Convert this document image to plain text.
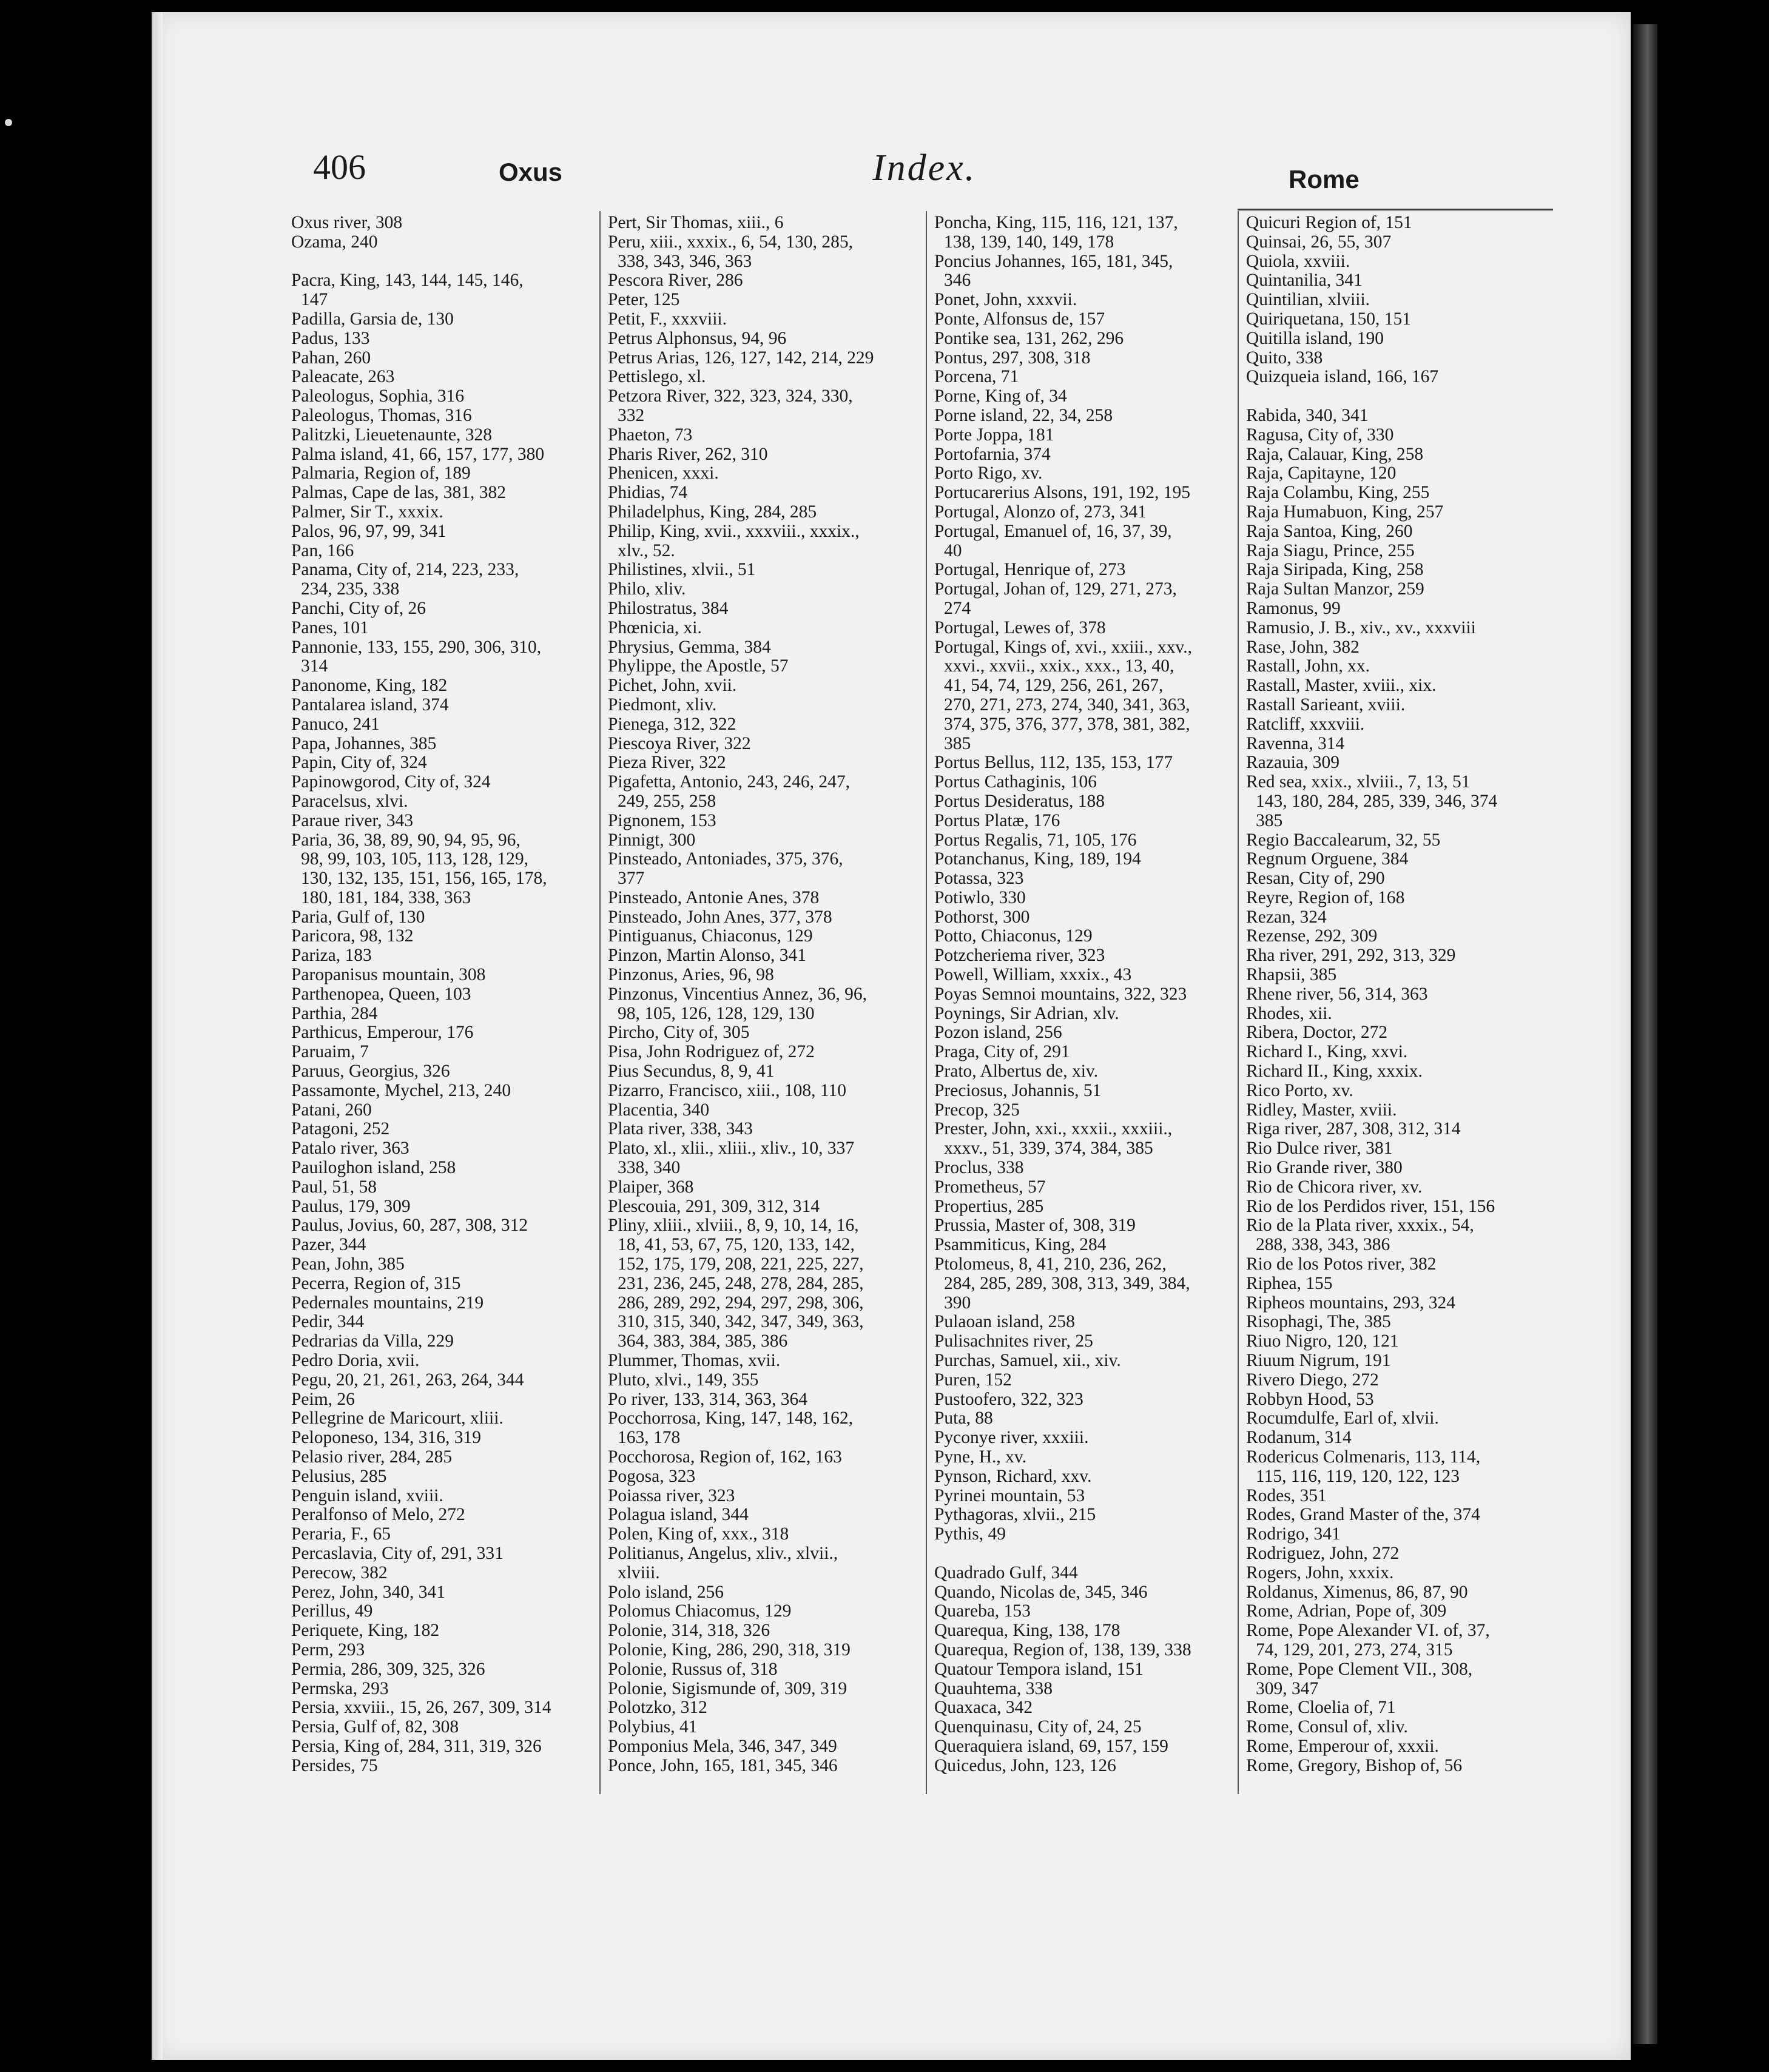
406	Oxus	Index.	Rome
Oxus river, 308
Ozama, 240
Pacra, King, 143, 144, 145, 146,
147
Padilla, Garsia de, 130
Padus, 133
Pahan, 260
Paleacate, 263
Paleologus, Sophia, 316
Paleologus, Thomas, 316
Palitzki, Lieuetenaunte, 328
Palma island, 41, 66, 157, 177, 380
Palmaria, Region of, 189
Palmas, Cape de las, 381, 382
Palmer, Sir T., xxxix.
Palos, 96, 97, 99, 341
Pan, 166
Panama, City of, 214, 223, 233,
234, 235, 338
Panchi, City of, 26
Panes, 101
Pannonie, 133, 155, 290, 306, 310,
314
Panonome, King, 182
Pantalarea island, 374
Panuco, 241
Papa, Johannes, 385
Papin, City of, 324
Papinowgorod, City of, 324
Paracelsus, xlvi.
Paraue river, 343
Paria, 36, 38, 89, 90, 94, 95, 96,
98, 99, 103, 105, 113, 128, 129,
130, 132, 135, 151, 156, 165, 178,
180, 181, 184, 338, 363
Paria, Gulf of, 130
Paricora, 98, 132
Pariza, 183
Paropanisus mountain, 308
Parthenopea, Queen, 103
Parthia, 284
Parthicus, Emperour, 176
Paruaim, 7
Paruus, Georgius, 326
Passamonte, Mychel, 213, 240
Patani, 260
Patagoni, 252
Patalo river, 363
Pauiloghon island, 258
Paul, 51, 58
Paulus, 179, 309
Paulus, Jovius, 60, 287, 308, 312
Pazer, 344
Pean, John, 385
Pecerra, Region of, 315
Pedernales mountains, 219
Pedir, 344
Pedrarias da Villa, 229
Pedro Doria, xvii.
Pegu, 20, 21, 261, 263, 264, 344
Peim, 26
Pellegrine de Maricourt, xliii.
Peloponeso, 134, 316, 319
Pelasio river, 284, 285
Pelusius, 285
Penguin island, xviii.
Peralfonso of Melo, 272
Peraria, F., 65
Percaslavia, City of, 291, 331
Perecow, 382
Perez, John, 340, 341
Perillus, 49
Periquete, King, 182
Perm, 293
Permia, 286, 309, 325, 326
Permska, 293
Persia, xxviii., 15, 26, 267, 309, 314
Persia, Gulf of, 82, 308
Persia, King of, 284, 311, 319, 326
Persides, 75
Pert, Sir Thomas, xiii., 6
Peru, xiii., xxxix., 6, 54, 130, 285,
338, 343, 346, 363
Pescora River, 286
Peter, 125
Petit, F., xxxviii.
Petrus Alphonsus, 94, 96
Petrus Arias, 126, 127, 142, 214, 229
Pettislego, xl.
Petzora River, 322, 323, 324, 330,
332
Phaeton, 73
Pharis River, 262, 310
Phenicen, xxxi.
Phidias, 74
Philadelphus, King, 284, 285
Philip, King, xvii., xxxviii., xxxix.,
xlv., 52.
Philistines, xlvii., 51
Philo, xliv.
Philostratus, 384
Phœnicia, xi.
Phrysius, Gemma, 384
Phylippe, the Apostle, 57
Pichet, John, xvii.
Piedmont, xliv.
Pienega, 312, 322
Piescoya River, 322
Pieza River, 322
Pigafetta, Antonio, 243, 246, 247,
249, 255, 258
Pignonem, 153
Pinnigt, 300
Pinsteado, Antoniades, 375, 376,
377
Pinsteado, Antonie Anes, 378
Pinsteado, John Anes, 377, 378
Pintiguanus, Chiaconus, 129
Pinzon, Martin Alonso, 341
Pinzonus, Aries, 96, 98
Pinzonus, Vincentius Annez, 36, 96,
98, 105, 126, 128, 129, 130
Pircho, City of, 305
Pisa, John Rodriguez of, 272
Pius Secundus, 8, 9, 41
Pizarro, Francisco, xiii., 108, 110
Placentia, 340
Plata river, 338, 343
Plato, xl., xlii., xliii., xliv., 10, 337
338, 340
Plaiper, 368
Plescouia, 291, 309, 312, 314
Pliny, xliii., xlviii., 8, 9, 10, 14, 16,
18, 41, 53, 67, 75, 120, 133, 142,
152, 175, 179, 208, 221, 225, 227,
231, 236, 245, 248, 278, 284, 285,
286, 289, 292, 294, 297, 298, 306,
310, 315, 340, 342, 347, 349, 363,
364, 383, 384, 385, 386
Plummer, Thomas, xvii.
Pluto, xlvi., 149, 355
Po river, 133, 314, 363, 364
Pocchorrosa, King, 147, 148, 162,
163, 178
Pocchorosa, Region of, 162, 163
Pogosa, 323
Poiassa river, 323
Polagua island, 344
Polen, King of, xxx., 318
Politianus, Angelus, xliv., xlvii.,
xlviii.
Polo island, 256
Polomus Chiacomus, 129
Polonie, 314, 318, 326
Polonie, King, 286, 290, 318, 319
Polonie, Russus of, 318
Polonie, Sigismunde of, 309, 319
Polotzko, 312
Polybius, 41
Pomponius Mela, 346, 347, 349
Ponce, John, 165, 181, 345, 346
Poncha, King, 115, 116, 121, 137,
138, 139, 140, 149, 178
Poncius Johannes, 165, 181, 345,
346
Ponet, John, xxxvii.
Ponte, Alfonsus de, 157
Pontike sea, 131, 262, 296
Pontus, 297, 308, 318
Porcena, 71
Porne, King of, 34
Porne island, 22, 34, 258
Porte Joppa, 181
Portofarnia, 374
Porto Rigo, xv.
Portucarerius Alsons, 191, 192, 195
Portugal, Alonzo of, 273, 341
Portugal, Emanuel of, 16, 37, 39,
40
Portugal, Henrique of, 273
Portugal, Johan of, 129, 271, 273,
274
Portugal, Lewes of, 378
Portugal, Kings of, xvi., xxiii., xxv.,
xxvi., xxvii., xxix., xxx., 13, 40,
41, 54, 74, 129, 256, 261, 267,
270, 271, 273, 274, 340, 341, 363,
374, 375, 376, 377, 378, 381, 382,
385
Portus Bellus, 112, 135, 153, 177
Portus Cathaginis, 106
Portus Desideratus, 188
Portus Platæ, 176
Portus Regalis, 71, 105, 176
Potanchanus, King, 189, 194
Potassa, 323
Potiwlo, 330
Pothorst, 300
Potto, Chiaconus, 129
Potzcheriema river, 323
Powell, William, xxxix., 43
Poyas Semnoi mountains, 322, 323
Poynings, Sir Adrian, xlv.
Pozon island, 256
Praga, City of, 291
Prato, Albertus de, xiv.
Preciosus, Johannis, 51
Precop, 325
Prester, John, xxi., xxxii., xxxiii.,
xxxv., 51, 339, 374, 384, 385
Proclus, 338
Prometheus, 57
Propertius, 285
Prussia, Master of, 308, 319
Psammiticus, King, 284
Ptolomeus, 8, 41, 210, 236, 262,
284, 285, 289, 308, 313, 349, 384,
390
Pulaoan island, 258
Pulisachnites river, 25
Purchas, Samuel, xii., xiv.
Puren, 152
Pustoofero, 322, 323
Puta, 88
Pyconye river, xxxiii.
Pyne, H., xv.
Pynson, Richard, xxv.
Pyrinei mountain, 53
Pythagoras, xlvii., 215
Pythis, 49
Quadrado Gulf, 344
Quando, Nicolas de, 345, 346
Quareba, 153
Quarequa, King, 138, 178
Quarequa, Region of, 138, 139, 338
Quatour Tempora island, 151
Quauhtema, 338
Quaxaca, 342
Quenquinasu, City of, 24, 25
Queraquiera island, 69, 157, 159
Quicedus, John, 123, 126
Quicuri Region of, 151
Quinsai, 26, 55, 307
Quiola, xxviii.
Quintanilia, 341
Quintilian, xlviii.
Quiriquetana, 150, 151
Quitilla island, 190
Quito, 338
Quizqueia island, 166, 167
Rabida, 340, 341
Ragusa, City of, 330
Raja, Calauar, King, 258
Raja, Capitayne, 120
Raja Colambu, King, 255
Raja Humabuon, King, 257
Raja Santoa, King, 260
Raja Siagu, Prince, 255
Raja Siripada, King, 258
Raja Sultan Manzor, 259
Ramonus, 99
Ramusio, J. B., xiv., xv., xxxviii
Rase, John, 382
Rastall, John, xx.
Rastall, Master, xviii., xix.
Rastall Sarieant, xviii.
Ratcliff, xxxviii.
Ravenna, 314
Razauia, 309
Red sea, xxix., xlviii., 7, 13, 51
143, 180, 284, 285, 339, 346, 374
385
Regio Baccalearum, 32, 55
Regnum Orguene, 384
Resan, City of, 290
Reyre, Region of, 168
Rezan, 324
Rezense, 292, 309
Rha river, 291, 292, 313, 329
Rhapsii, 385
Rhene river, 56, 314, 363
Rhodes, xii.
Ribera, Doctor, 272
Richard I., King, xxvi.
Richard II., King, xxxix.
Rico Porto, xv.
Ridley, Master, xviii.
Riga river, 287, 308, 312, 314
Rio Dulce river, 381
Rio Grande river, 380
Rio de Chicora river, xv.
Rio de los Perdidos river, 151, 156
Rio de la Plata river, xxxix., 54,
288, 338, 343, 386
Rio de los Potos river, 382
Riphea, 155
Ripheos mountains, 293, 324
Risophagi, The, 385
Riuo Nigro, 120, 121
Riuum Nigrum, 191
Rivero Diego, 272
Robbyn Hood, 53
Rocumdulfe, Earl of, xlvii.
Rodanum, 314
Rodericus Colmenaris, 113, 114,
115, 116, 119, 120, 122, 123
Rodes, 351
Rodes, Grand Master of the, 374
Rodrigo, 341
Rodriguez, John, 272
Rogers, John, xxxix.
Roldanus, Ximenus, 86, 87, 90
Rome, Adrian, Pope of, 309
Rome, Pope Alexander VI. of, 37,
74, 129, 201, 273, 274, 315
Rome, Pope Clement VII., 308,
309, 347
Rome, Cloelia of, 71
Rome, Consul of, xliv.
Rome, Emperour of, xxxii.
Rome, Gregory, Bishop of, 56
